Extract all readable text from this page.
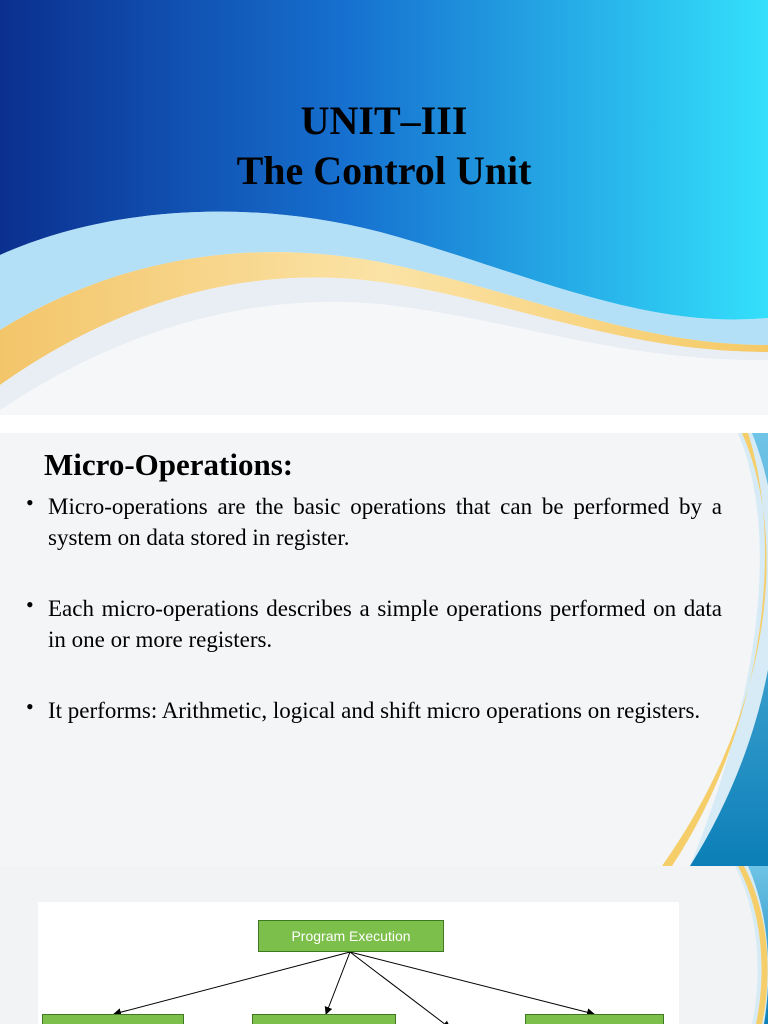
UNIT–III
The Control Unit
Micro-Operations:
• Micro-operations are the basic operations that can be performed by a system on data stored in register.
• Each micro-operations describes a simple operations performed on data in one or more registers.
• It performs: Arithmetic, logical and shift micro operations on registers.
Program Execution
